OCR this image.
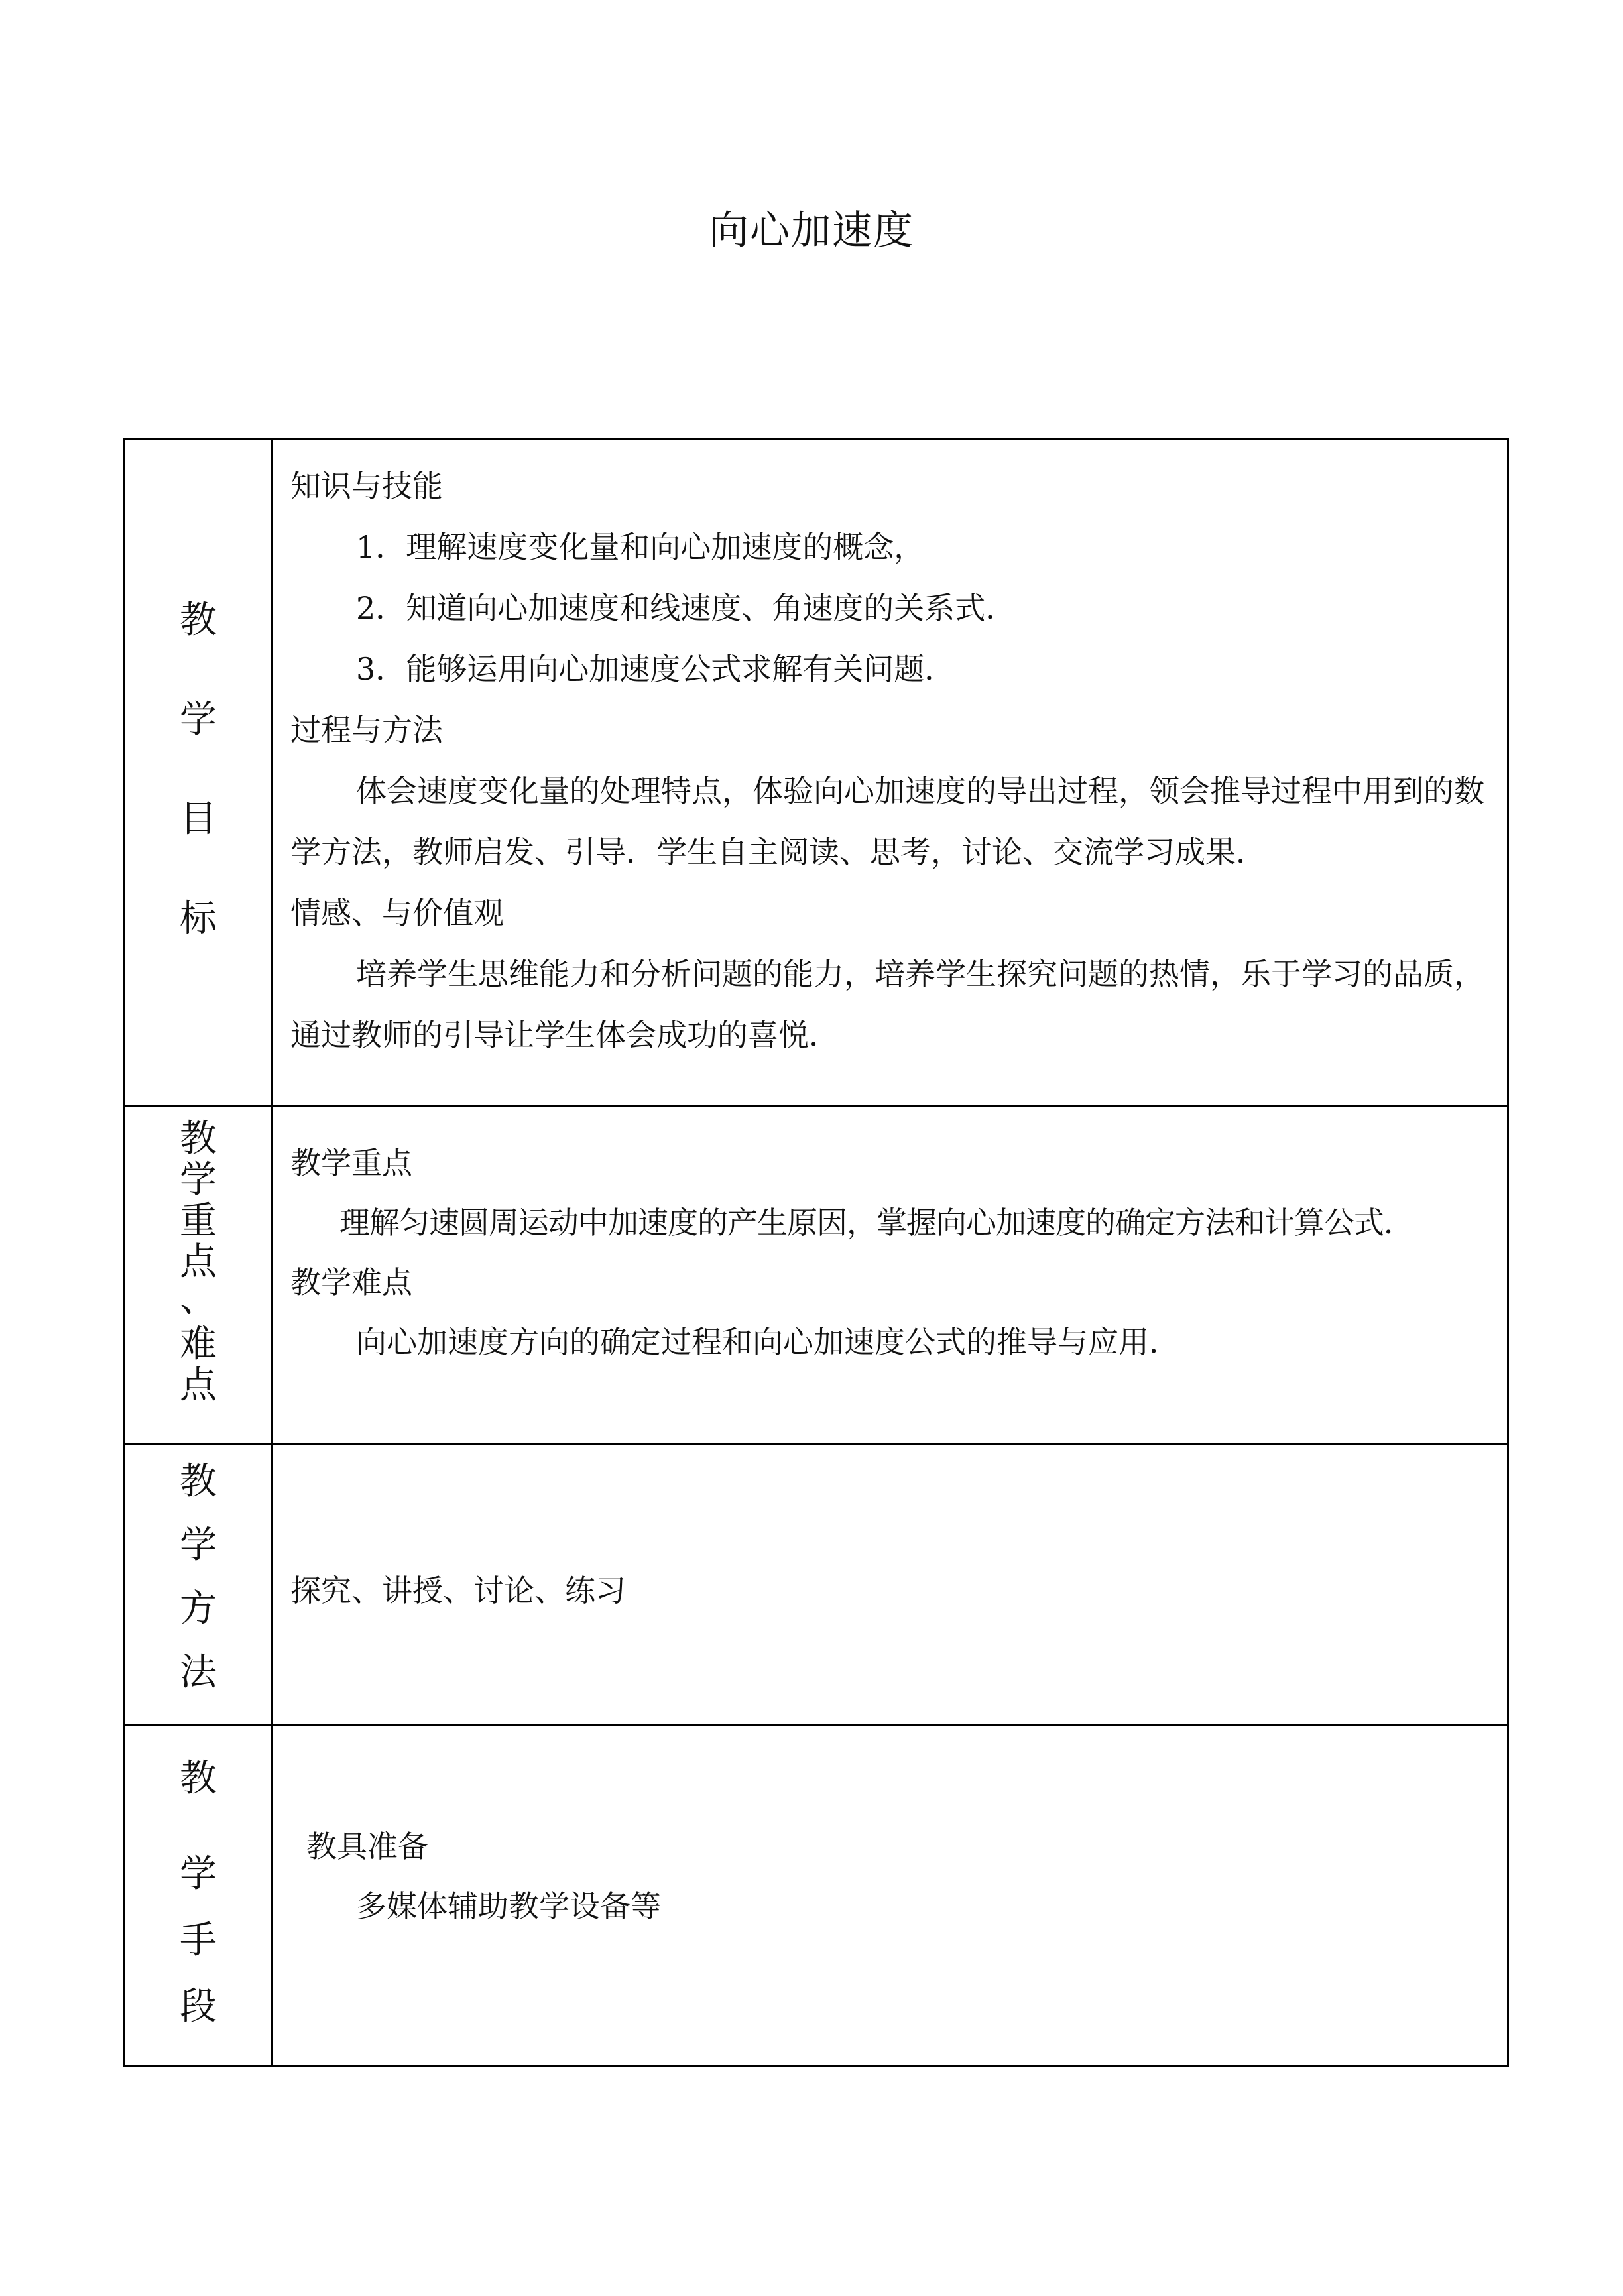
向心加速度
教
学
目
标
知识与技能
1．理解速度变化量和向心加速度的概念，
2．知道向心加速度和线速度、角速度的关系式．
3．能够运用向心加速度公式求解有关问题．
过程与方法
体会速度变化量的处理特点，体验向心加速度的导出过程，领会推导过程中用到的数学方法，教师启发、引导．学生自主阅读、思考，讨论、交流学习成果．
情感、与价值观
培养学生思维能力和分析问题的能力，培养学生探究问题的热情，乐于学习的品质，通过教师的引导让学生体会成功的喜悦．
教
学
重
点
、
难
点
教学重点
理解匀速圆周运动中加速度的产生原因，掌握向心加速度的确定方法和计算公式．
教学难点
向心加速度方向的确定过程和向心加速度公式的推导与应用．
教
学
方
法
探究、讲授、讨论、练习
教
学
手
段
教具准备
多媒体辅助教学设备等
